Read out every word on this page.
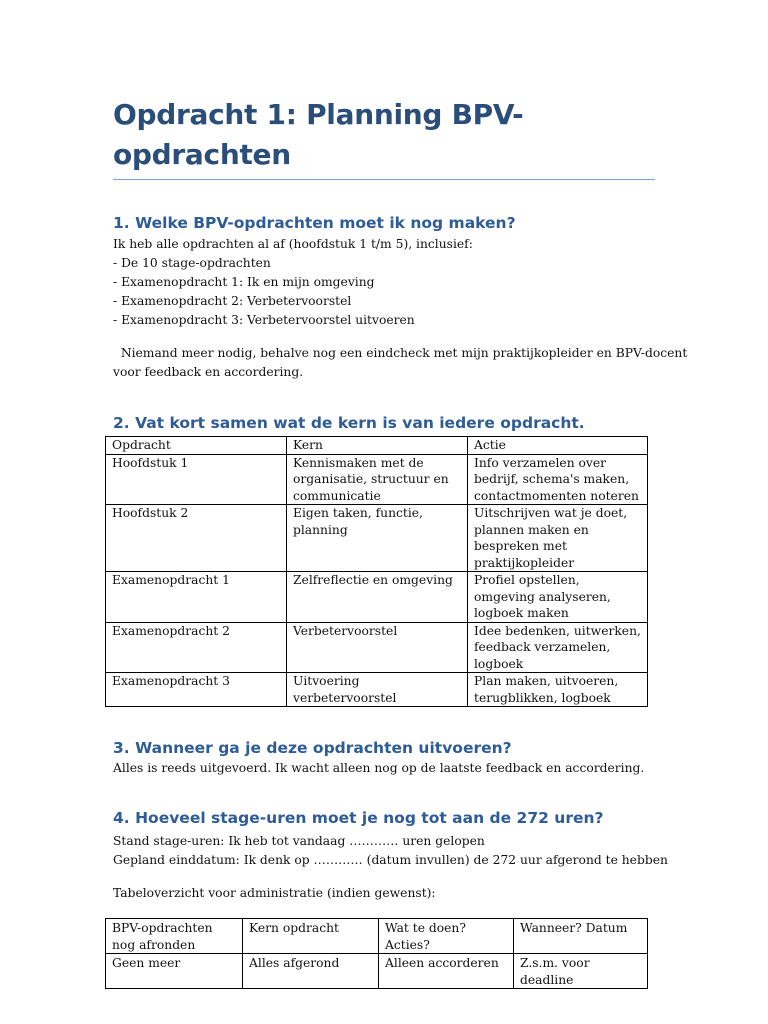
Opdracht 1: Planning BPV-opdrachten
1. Welke BPV-opdrachten moet ik nog maken?

Ik heb alle opdrachten al af (hoofdstuk 1 t/m 5), inclusief:

- De 10 stage-opdrachten

- Examenopdracht 1: Ik en mijn omgeving

- Examenopdracht 2: Verbetervoorstel

- Examenopdracht 3: Verbetervoorstel uitvoeren

Niemand meer nodig, behalve nog een eindcheck met mijn praktijkopleider en BPV-docent

voor feedback en accordering.

2. Vat kort samen wat de kern is van iedere opdracht.
Opdracht	Kern	Actie
Hoofdstuk 1	Kennismaken met de organisatie, structuur en communicatie	Info verzamelen over bedrijf, schema's maken, contactmomenten noteren
Hoofdstuk 2	Eigen taken, functie, planning	Uitschrijven wat je doet, plannen maken en bespreken met praktijkopleider
Examenopdracht 1	Zelfreflectie en omgeving	Profiel opstellen, omgeving analyseren, logboek maken
Examenopdracht 2	Verbetervoorstel	Idee bedenken, uitwerken, feedback verzamelen, logboek
Examenopdracht 3	Uitvoering verbetervoorstel	Plan maken, uitvoeren, terugblikken, logboek
3. Wanneer ga je deze opdrachten uitvoeren?

Alles is reeds uitgevoerd. Ik wacht alleen nog op de laatste feedback en accordering.

4. Hoeveel stage-uren moet je nog tot aan de 272 uren?

Stand stage-uren: Ik heb tot vandaag ………… uren gelopen

Gepland einddatum: Ik denk op ………… (datum invullen) de 272 uur afgerond te hebben

Tabeloverzicht voor administratie (indien gewenst):

BPV-opdrachten nog afronden	Kern opdracht	Wat te doen? Acties?	Wanneer? Datum
Geen meer	Alles afgerond	Alleen accorderen	Z.s.m. voor deadline
